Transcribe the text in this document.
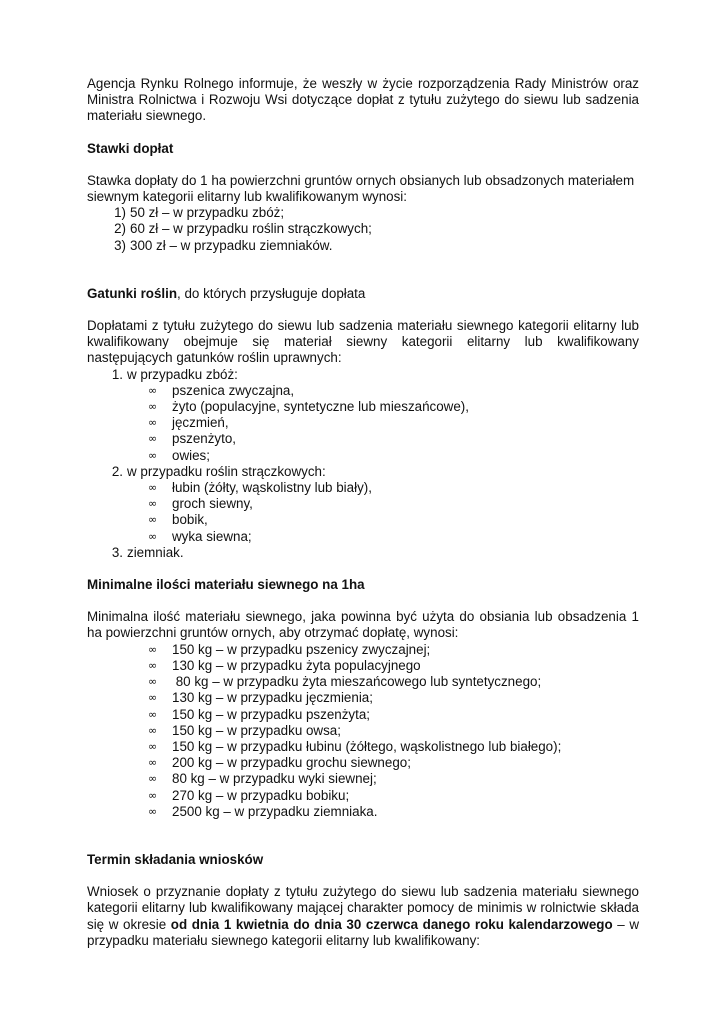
Agencja Rynku Rolnego informuje, że weszły w życie rozporządzenia Rady Ministrów oraz Ministra Rolnictwa i Rozwoju Wsi dotyczące dopłat z tytułu zużytego do siewu lub sadzenia materiału siewnego.

Stawki dopłat

Stawka dopłaty do 1 ha powierzchni gruntów ornych obsianych lub obsadzonych materiałem siewnym kategorii elitarny lub kwalifikowanym wynosi:

1) 50 zł – w przypadku zbóż;
2) 60 zł – w przypadku roślin strączkowych;
3) 300 zł – w przypadku ziemniaków.

Gatunki roślin, do których przysługuje dopłata

Dopłatami z tytułu zużytego do siewu lub sadzenia materiału siewnego kategorii elitarny lub kwalifikowany obejmuje się materiał siewny kategorii elitarny lub kwalifikowany następujących gatunków roślin uprawnych:

1. w przypadku zbóż:
∞	pszenica zwyczajna,
∞	żyto (populacyjne, syntetyczne lub mieszańcowe),
∞	jęczmień,
∞	pszenżyto,
∞	owies;
2. w przypadku roślin strączkowych:
∞	łubin (żółty, wąskolistny lub biały),
∞	groch siewny,
∞	bobik,
∞	wyka siewna;
3. ziemniak.
Minimalne ilości materiału siewnego na 1ha

Minimalna ilość materiału siewnego, jaka powinna być użyta do obsiania lub obsadzenia 1 ha powierzchni gruntów ornych, aby otrzymać dopłatę, wynosi:

∞	150 kg – w przypadku pszenicy zwyczajnej;
∞	130 kg – w przypadku żyta populacyjnego
∞	80 kg – w przypadku żyta mieszańcowego lub syntetycznego;
∞	130 kg – w przypadku jęczmienia;
∞	150 kg – w przypadku pszenżyta;
∞	150 kg – w przypadku owsa;
∞	150 kg – w przypadku łubinu (żółtego, wąskolistnego lub białego);
∞	200 kg – w przypadku grochu siewnego;
∞	80 kg – w przypadku wyki siewnej;
∞	270 kg – w przypadku bobiku;
∞	2500 kg – w przypadku ziemniaka.
Termin składania wniosków

Wniosek o przyznanie dopłaty z tytułu zużytego do siewu lub sadzenia materiału siewnego kategorii elitarny lub kwalifikowany mającej charakter pomocy de minimis w rolnictwie składa się w okresie od dnia 1 kwietnia do dnia 30 czerwca danego roku kalendarzowego – w przypadku materiału siewnego kategorii elitarny lub kwalifikowany:
